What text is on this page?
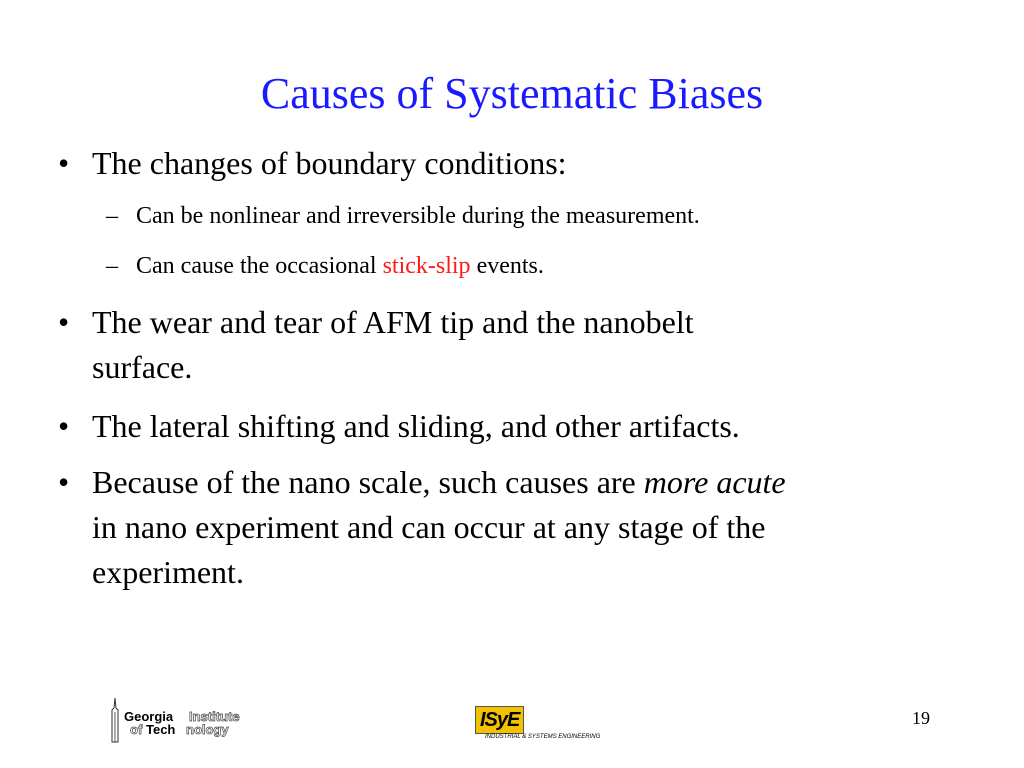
Causes of Systematic Biases
• The changes of boundary conditions:
– Can be nonlinear and irreversible during the measurement.
– Can cause the occasional stick-slip events.
• The wear and tear of AFM tip and the nanobelt
surface.
• The lateral shifting and sliding, and other artifacts.
• Because of the nano scale, such causes are more acute
in nano experiment and can occur at any stage of the
experiment.
Georgia Institute
of Tech nology	ISyE
INDUSTRIAL & SYSTEMS ENGINEERING
19
